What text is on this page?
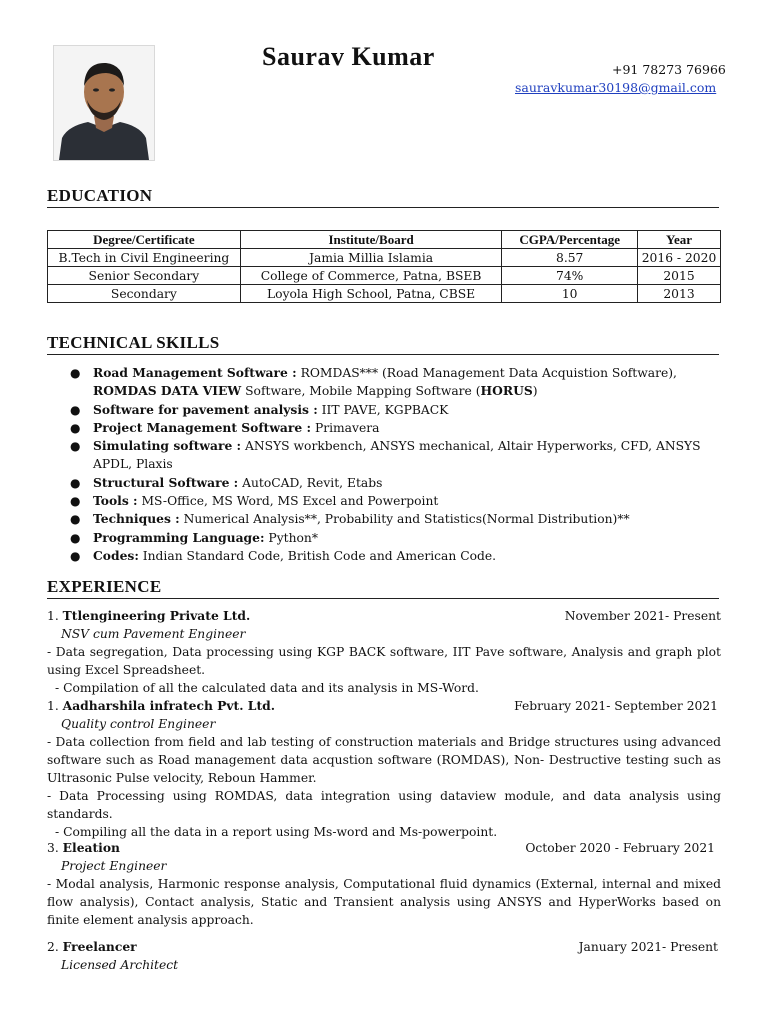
Saurav Kumar	+91 78273 76966
sauravkumar30198@gmail.com
EDUCATION
Degree/Certificate	Institute/Board	CGPA/Percentage	Year
B.Tech in Civil Engineering	Jamia Millia Islamia	8.57	2016 - 2020
Senior Secondary	College of Commerce, Patna, BSEB	74%	2015
Secondary	Loyola High School, Patna, CBSE	10	2013
TECHNICAL SKILLS
● Road Management Software : ROMDAS*** (Road Management Data Acquistion Software),
ROMDAS DATA VIEW Software, Mobile Mapping Software (HORUS)
● Software for pavement analysis : IIT PAVE, KGPBACK
● Project Management Software : Primavera
● Simulating software : ANSYS workbench, ANSYS mechanical, Altair Hyperworks, CFD, ANSYS APDL, Plaxis
● Structural Software : AutoCAD, Revit, Etabs
● Tools : MS-Office, MS Word, MS Excel and Powerpoint
● Techniques : Numerical Analysis**, Probability and Statistics(Normal Distribution)**
● Programming Language: Python*
● Codes: Indian Standard Code, British Code and American Code.
EXPERIENCE
1. Ttlengineering Private Ltd.	November 2021- Present
NSV cum Pavement Engineer
- Data segregation, Data processing using KGP BACK software, IIT Pave software, Analysis and graph plot using Excel Spreadsheet.
- Compilation of all the calculated data and its analysis in MS-Word.
1. Aadharshila infratech Pvt. Ltd.	February 2021- September 2021
Quality control Engineer
- Data collection from field and lab testing of construction materials and Bridge structures using advanced software such as Road management data acqustion software (ROMDAS), Non- Destructive testing such as Ultrasonic Pulse velocity, Reboun Hammer.
- Data Processing using ROMDAS, data integration using dataview module, and data analysis using standards.
- Compiling all the data in a report using Ms-word and Ms-powerpoint.
3. Eleation	October 2020 - February 2021
Project Engineer
- Modal analysis, Harmonic response analysis, Computational fluid dynamics (External, internal and mixed flow analysis), Contact analysis, Static and Transient analysis using ANSYS and HyperWorks based on finite element analysis approach.
2. Freelancer	January 2021- Present
Licensed Architect
